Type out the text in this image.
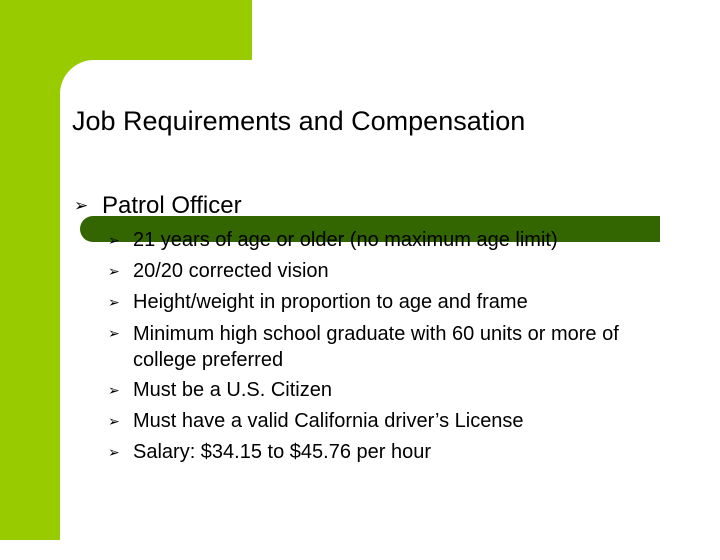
Job Requirements and Compensation
➢ Patrol Officer
➢ 21 years of age or older (no maximum age limit)
➢ 20/20 corrected vision
➢ Height/weight in proportion to age and frame
➢ Minimum high school graduate with 60 units or more of college preferred
➢ Must be a U.S. Citizen
➢ Must have a valid California driver’s License
➢ Salary: $34.15 to $45.76 per hour
